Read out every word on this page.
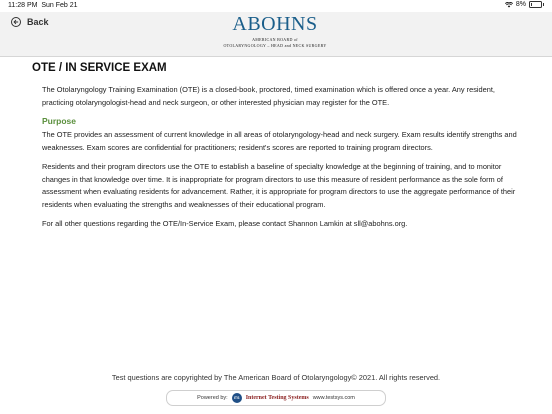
11:28 PM Sun Feb 21	8%
Back	ABOHNS
AMERICAN BOARD of
OTOLARYNGOLOGY – HEAD and NECK SURGERY
OTE / IN SERVICE EXAM

The Otolaryngology Training Examination (OTE) is a closed-book, proctored, timed examination which is offered once a year. Any resident, practicing otolaryngologist-head and neck surgeon, or other interested physician may register for the OTE.

Purpose

The OTE provides an assessment of current knowledge in all areas of otolaryngology-head and neck surgery. Exam results identify strengths and weaknesses. Exam scores are confidential for practitioners; resident's scores are reported to training program directors.

Residents and their program directors use the OTE to establish a baseline of specialty knowledge at the beginning of training, and to monitor changes in that knowledge over time. It is inappropriate for program directors to use this measure of resident performance as the sole form of assessment when evaluating residents for advancement. Rather, it is appropriate for program directors to use the aggregate performance of their residents when evaluating the strengths and weaknesses of their educational program.

For all other questions regarding the OTE/In-Service Exam, please contact Shannon Lamkin at sll@abohns.org.

Test questions are copyrighted by The American Board of Otolaryngology© 2021. All rights reserved.
Powered by:	ITS	Internet Testing Systems www.testsys.com
